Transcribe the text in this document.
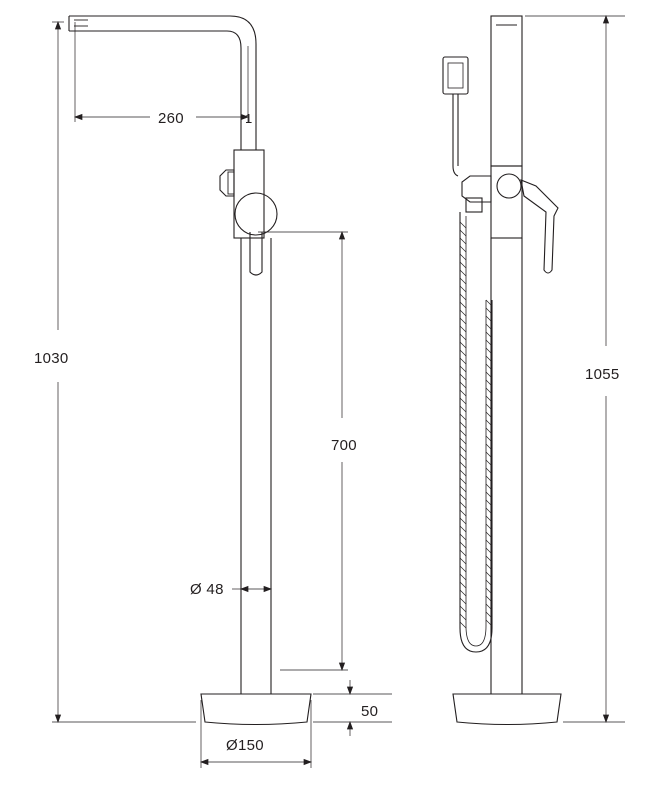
260	1
1030
700
Ø 48
50
Ø150
1055
